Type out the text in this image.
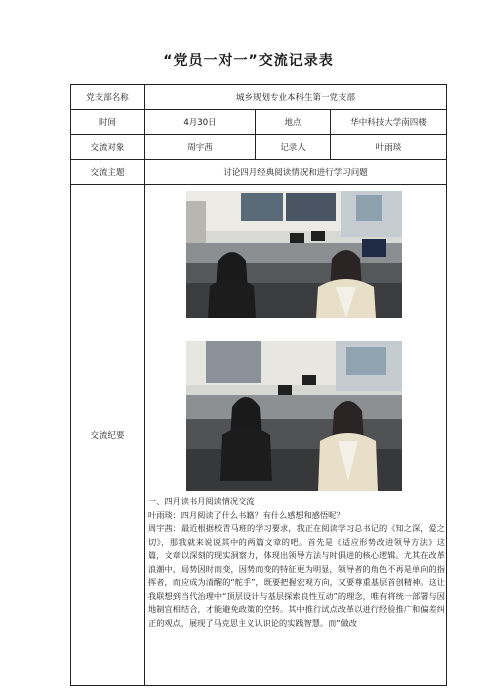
“党员一对一”交流记录表
党支部名称	城乡规划专业本科生第一党支部		
时间	4月30日	地点	华中科技大学南四楼
交流对象	周宇茜	记录人	叶雨琰
交流主题	讨论四月经典阅读情况和进行学习问题		
交流纪要	一、四月读书月阅读情况交流

叶雨琰：四月阅读了什么书籍？有什么感想和感悟呢？

周宇茜：最近根据校青马班的学习要求，我正在阅读学习总书记的《知之深，爱之切》，那我就来说说其中的两篇文章的吧。首先是《适应形势改进领导方法》这篇，文章以深刻的现实洞察力，体现出领导方法与时俱进的核心逻辑。尤其在改革浪潮中，局势因时而变，因势而变的特征更为明显，领导者的角色不再是单向的指挥者，而应成为清醒的“舵手”，既要把握宏观方向，又要尊重基层首创精神。这让我联想到当代治理中“顶层设计与基层探索良性互动”的理念，唯有将统一部署与因地制宜相结合，才能避免政策的空转。其中推行试点改革以进行经验推广和偏差纠正的观点，展现了马克思主义认识论的实践智慧。而“做改		
